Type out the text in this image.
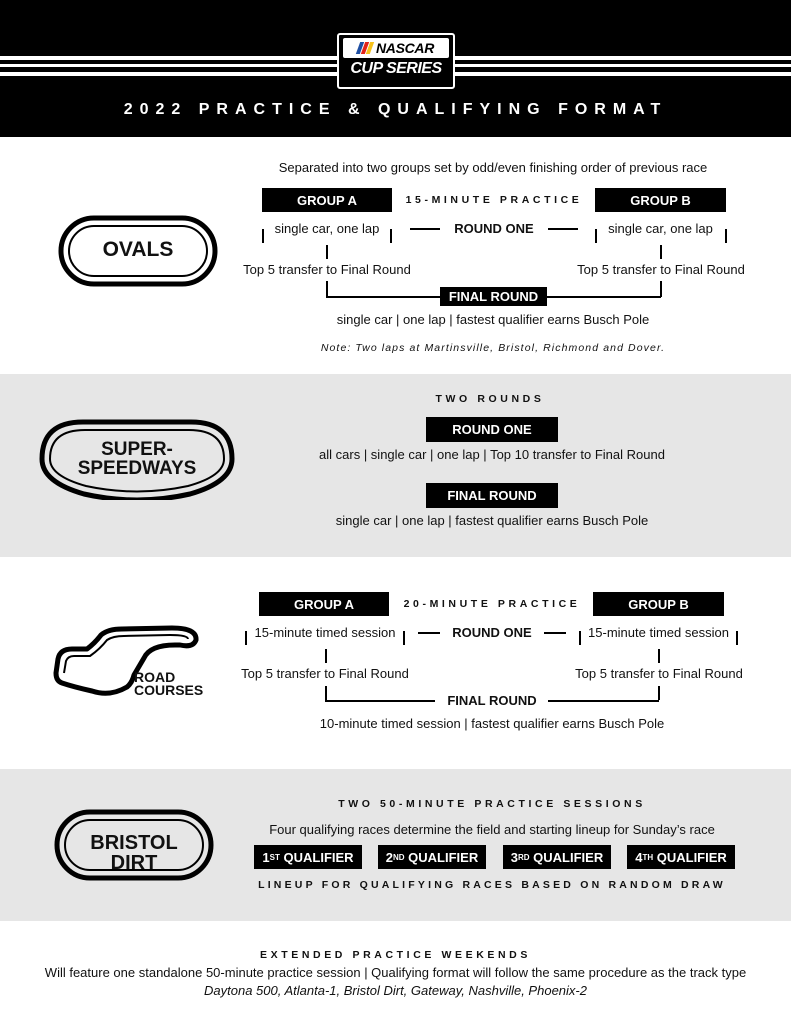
NASCAR
CUP SERIES
2022 PRACTICE & QUALIFYING FORMAT
OVALS
Separated into two groups set by odd/even finishing order of previous race
GROUP A	15-MINUTE PRACTICE	GROUP B
single car, one lap	ROUND ONE	single car, one lap
Top 5 transfer to Final Round	Top 5 transfer to Final Round
FINAL ROUND
single car | one lap | fastest qualifier earns Busch Pole
Note: Two laps at Martinsville, Bristol, Richmond and Dover.
SUPER-
SPEEDWAYS
TWO ROUNDS
ROUND ONE
all cars | single car | one lap | Top 10 transfer to Final Round
FINAL ROUND
single car | one lap | fastest qualifier earns Busch Pole
ROAD
COURSES
GROUP A	20-MINUTE PRACTICE	GROUP B
15-minute timed session	ROUND ONE	15-minute timed session
Top 5 transfer to Final Round	Top 5 transfer to Final Round
FINAL ROUND
10-minute timed session | fastest qualifier earns Busch Pole
BRISTOL
DIRT
TWO 50-MINUTE PRACTICE SESSIONS
Four qualifying races determine the field and starting lineup for Sunday’s race
1 ST
QUALIFIER 2 ND
QUALIFIER	3 RD
QUALIFIER 4 TH
QUALIFIER
LINEUP FOR QUALIFYING RACES BASED ON RANDOM DRAW
EXTENDED PRACTICE WEEKENDS
Will feature one standalone 50-minute practice session | Qualifying format will follow the same procedure as the track type
Daytona 500, Atlanta-1, Bristol Dirt, Gateway, Nashville, Phoenix-2
